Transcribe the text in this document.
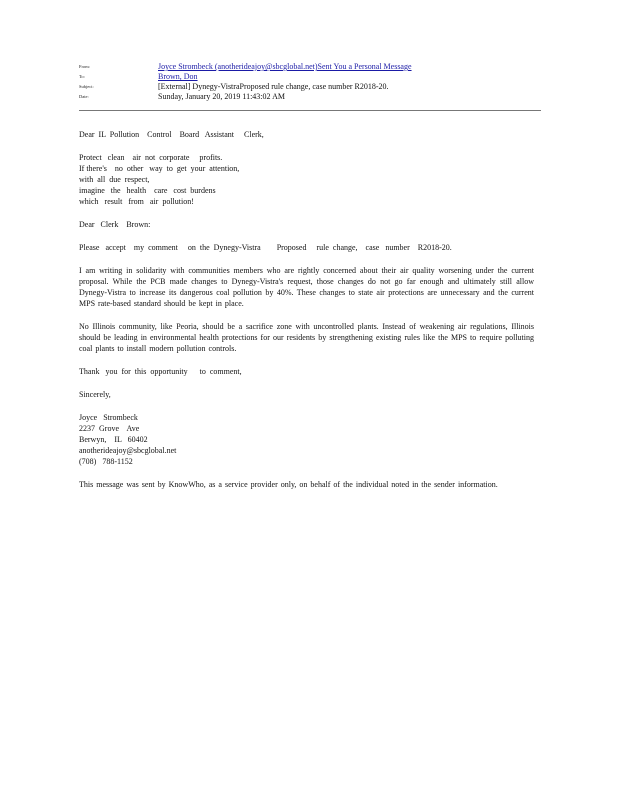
From:	Joyce Strombeck (anotherideajoy@sbcglobal.net)Sent You a Personal Message
To:	Brown, Don
Subject:	[External] Dynegy-VistraProposed rule change, case number R2018-20.
Date:	Sunday, January 20, 2019 11:43:02 AM

Dear  IL  Pollution    Control    Board   Assistant     Clerk,

Protect   clean    air  not  corporate     profits.
If there's    no  other   way  to  get  your  attention,
with  all  due  respect,
imagine   the   health    care   cost  burdens
which   result   from   air  pollution!

Dear   Clerk    Brown:

Please   accept    my  comment     on  the  Dynegy-Vistra        Proposed     rule  change,    case   number    R2018-20.

I am writing in solidarity with communities members who are rightly concerned about their air quality worsening under the current proposal. While the PCB made changes to Dynegy-Vistra's request, those changes do not go far enough and ultimately still allow Dynegy-Vistra to increase its dangerous coal pollution by 40%. These changes to state air protections are unnecessary and the current MPS rate-based standard should be kept in place.

No Illinois community, like Peoria, should be a sacrifice zone with uncontrolled plants. Instead of weakening air regulations, Illinois should be leading in environmental health protections for our residents by strengthening existing rules like the MPS to require polluting coal plants to install modern pollution controls.

Thank   you  for  this  opportunity      to  comment,

Sincerely,

Joyce   Strombeck
2237  Grove    Ave
Berwyn,    IL   60402
anotherideajoy@sbcglobal.net
(708)   788-1152

This message was sent by KnowWho, as a service provider only, on behalf of the individual noted in the sender information.
